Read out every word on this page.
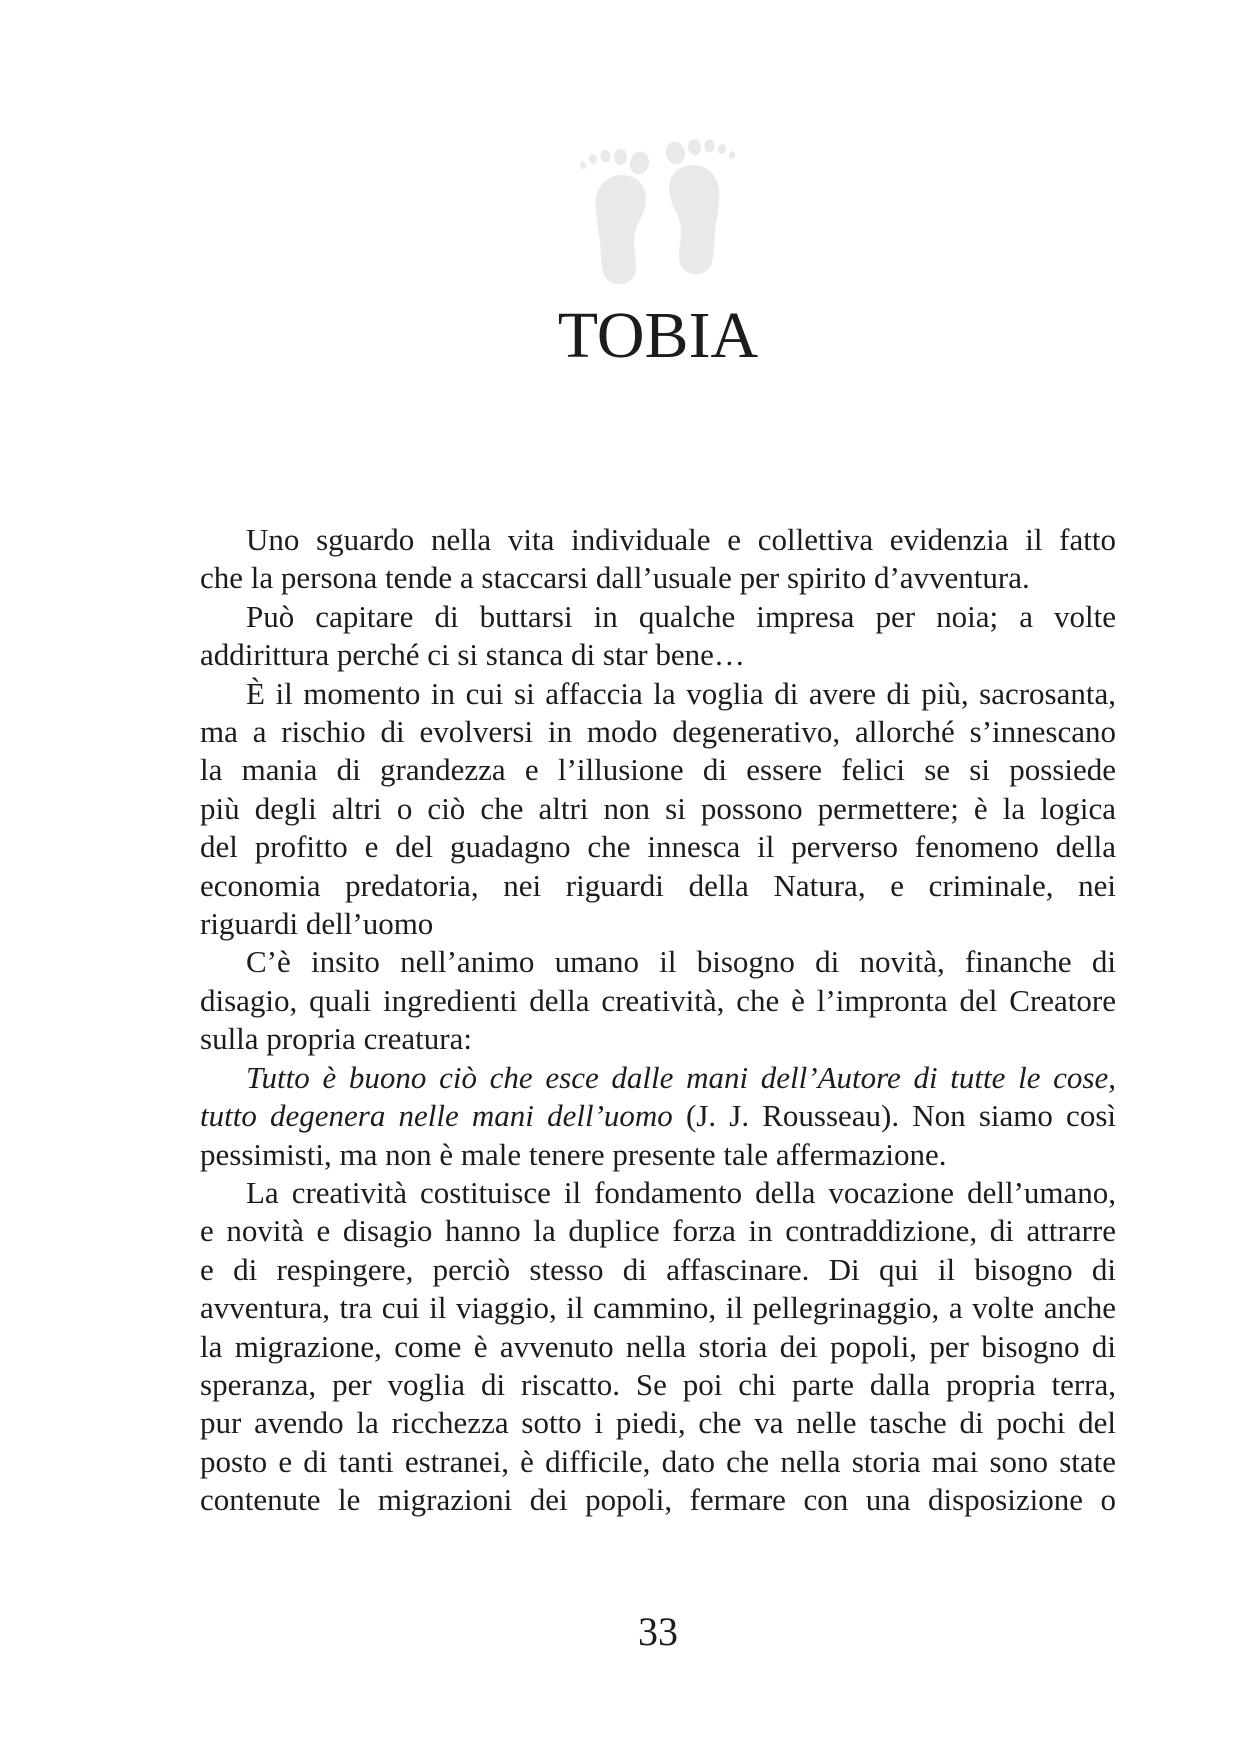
TOBIA
Uno sguardo nella vita individuale e collettiva evidenzia il fatto
che la persona tende a staccarsi dall’usuale per spirito d’avventura.
Può capitare di buttarsi in qualche impresa per noia; a volte
addirittura perché ci si stanca di star bene…
È il momento in cui si affaccia la voglia di avere di più, sacrosanta,
ma a rischio di evolversi in modo degenerativo, allorché s’innescano
la mania di grandezza e l’illusione di essere felici se si possiede
più degli altri o ciò che altri non si possono permettere; è la logica
del profitto e del guadagno che innesca il perverso fenomeno della
economia predatoria, nei riguardi della Natura, e criminale, nei
riguardi dell’uomo
C’è insito nell’animo umano il bisogno di novità, finanche di
disagio, quali ingredienti della creatività, che è l’impronta del Creatore
sulla propria creatura:
Tutto è buono ciò che esce dalle mani dell’Autore di tutte le cose,
tutto degenera nelle mani dell’uomo (J. J. Rousseau). Non siamo così
pessimisti, ma non è male tenere presente tale affermazione.
La creatività costituisce il fondamento della vocazione dell’umano,
e novità e disagio hanno la duplice forza in contraddizione, di attrarre
e di respingere, perciò stesso di affascinare. Di qui il bisogno di
avventura, tra cui il viaggio, il cammino, il pellegrinaggio, a volte anche
la migrazione, come è avvenuto nella storia dei popoli, per bisogno di
speranza, per voglia di riscatto. Se poi chi parte dalla propria terra,
pur avendo la ricchezza sotto i piedi, che va nelle tasche di pochi del
posto e di tanti estranei, è difficile, dato che nella storia mai sono state
contenute le migrazioni dei popoli, fermare con una disposizione o
33
